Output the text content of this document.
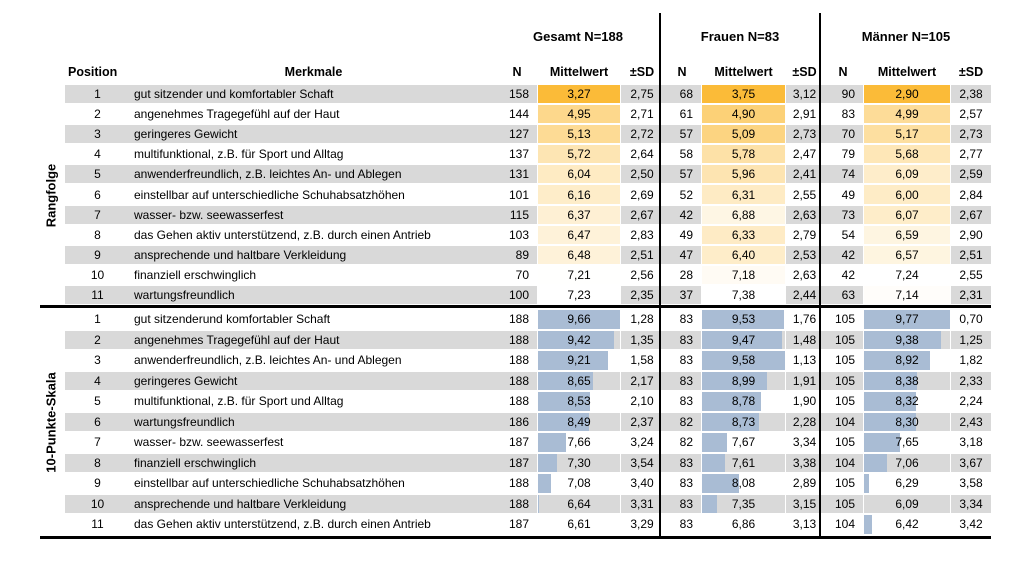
Gesamt N=188	Frauen N=83	Männer N=105
Position	Merkmale	N	Mittelwert	±SD	N	Mittelwert	±SD	N	Mittelwert	±SD
1	gut sitzender und komfortabler Schaft	158	3,27	2,75	68	3,75	3,12	90	2,90	2,38
2	angenehmes Tragegefühl auf der Haut	144	4,95	2,71	61	4,90	2,91	83	4,99	2,57
3	geringeres Gewicht	127	5,13	2,72	57	5,09	2,73	70	5,17	2,73
4	multifunktional, z.B. für Sport und Alltag	137	5,72	2,64	58	5,78	2,47	79	5,68	2,77
5	anwenderfreundlich, z.B. leichtes An- und Ablegen	131	6,04	2,50	57	5,96	2,41	74	6,09	2,59
6	einstellbar auf unterschiedliche Schuhabsatzhöhen	101	6,16	2,69	52	6,31	2,55	49	6,00	2,84
7	wasser- bzw. seewasserfest	115	6,37	2,67	42	6,88	2,63	73	6,07	2,67
8	das Gehen aktiv unterstützend, z.B. durch einen Antrieb	103	6,47	2,83	49	6,33	2,79	54	6,59	2,90
9	ansprechende und haltbare Verkleidung	89	6,48	2,51	47	6,40	2,53	42	6,57	2,51
10	finanziell erschwinglich	70	7,21	2,56	28	7,18	2,63	42	7,24	2,55
11	wartungsfreundlich	100	7,23	2,35	37	7,38	2,44	63	7,14	2,31
1	gut sitzenderund komfortabler Schaft	188	9,66	1,28	83	9,53	1,76	105	9,77	0,70
2	angenehmes Tragegefühl auf der Haut	188	9,42	1,35	83	9,47	1,48	105	9,38	1,25
3	anwenderfreundlich, z.B. leichtes An- und Ablegen	188	9,21	1,58	83	9,58	1,13	105	8,92	1,82
4	geringeres Gewicht	188	8,65	2,17	83	8,99	1,91	105	8,38	2,33
5	multifunktional, z.B. für Sport und Alltag	188	8,53	2,10	83	8,78	1,90	105	8,32	2,24
6	wartungsfreundlich	186	8,49	2,37	82	8,73	2,28	104	8,30	2,43
7	wasser- bzw. seewasserfest	187	7,66	3,24	82	7,67	3,34	105	7,65	3,18
8	finanziell erschwinglich	187	7,30	3,54	83	7,61	3,38	104	7,06	3,67
9	einstellbar auf unterschiedliche Schuhabsatzhöhen	188	7,08	3,40	83	8,08	2,89	105	6,29	3,58
10	ansprechende und haltbare Verkleidung	188	6,64	3,31	83	7,35	3,15	105	6,09	3,34
11	das Gehen aktiv unterstützend, z.B. durch einen Antrieb	187	6,61	3,29	83	6,86	3,13	104	6,42	3,42
Rangfolge
10-Punkte-Skala
